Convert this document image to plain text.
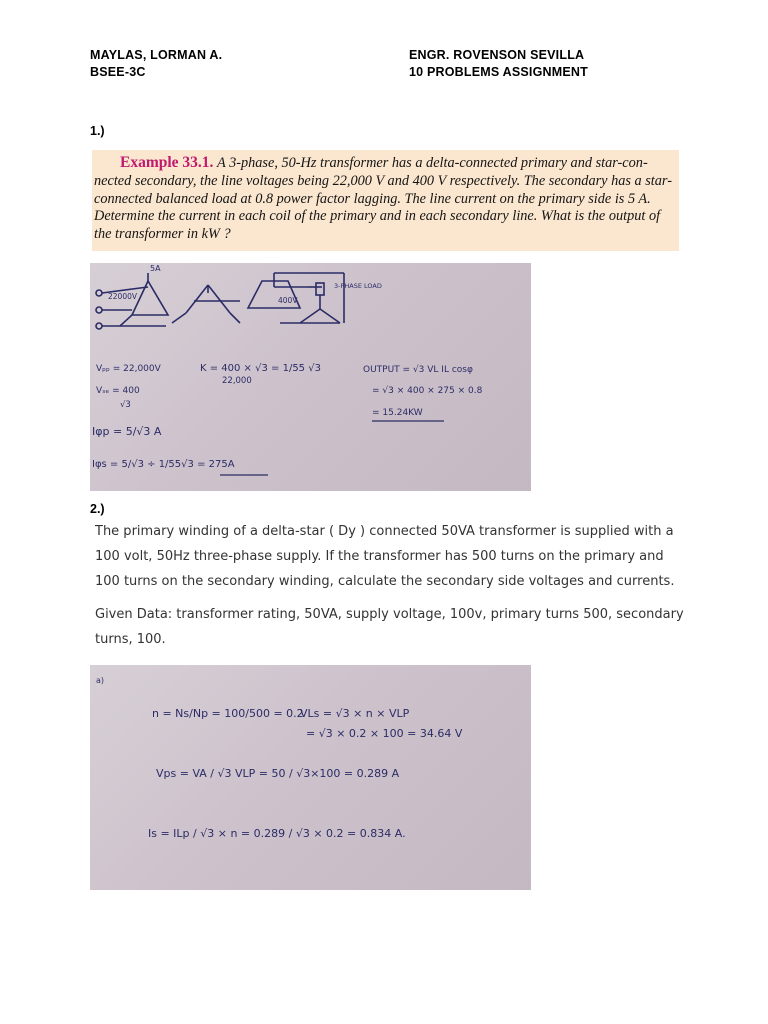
MAYLAS, LORMAN A.
BSEE-3C
ENGR. ROVENSON SEVILLA
10 PROBLEMS ASSIGNMENT
1.)
Example 33.1. A 3-phase, 50-Hz transformer has a delta-connected primary and star-con-
nected secondary, the line voltages being 22,000 V and 400 V respectively. The secondary has a star-
connected balanced load at 0.8 power factor lagging. The line current on the primary side is 5 A.
Determine the current in each coil of the primary and in each secondary line. What is the output of
the transformer in kW ?
5A
22000V	400V
3-PHASE LOAD
Vₚₚ = 22,000V
Vₛₑ = 400
√3
K = 400 × √3 = 1/55 √3
22,000
OUTPUT = √3 VL IL cosφ
= √3 × 400 × 275 × 0.8
= 15.24KW
Iφp = 5/√3 A
Iφs = 5/√3 ÷ 1/55√3 = 275A
2.)
The primary winding of a delta-star ( Dy ) connected 50VA transformer is supplied with a
100 volt, 50Hz three-phase supply. If the transformer has 500 turns on the primary and
100 turns on the secondary winding, calculate the secondary side voltages and currents.
Given Data: transformer rating, 50VA, supply voltage, 100v, primary turns 500, secondary
turns, 100.
a)
n = Ns/Np = 100/500 = 0.2
VLs = √3 × n × VLP
= √3 × 0.2 × 100 = 34.64 V
Vps = VA / √3 VLP = 50 / √3×100 = 0.289 A
Is = ILp / √3 × n = 0.289 / √3 × 0.2 = 0.834 A.
